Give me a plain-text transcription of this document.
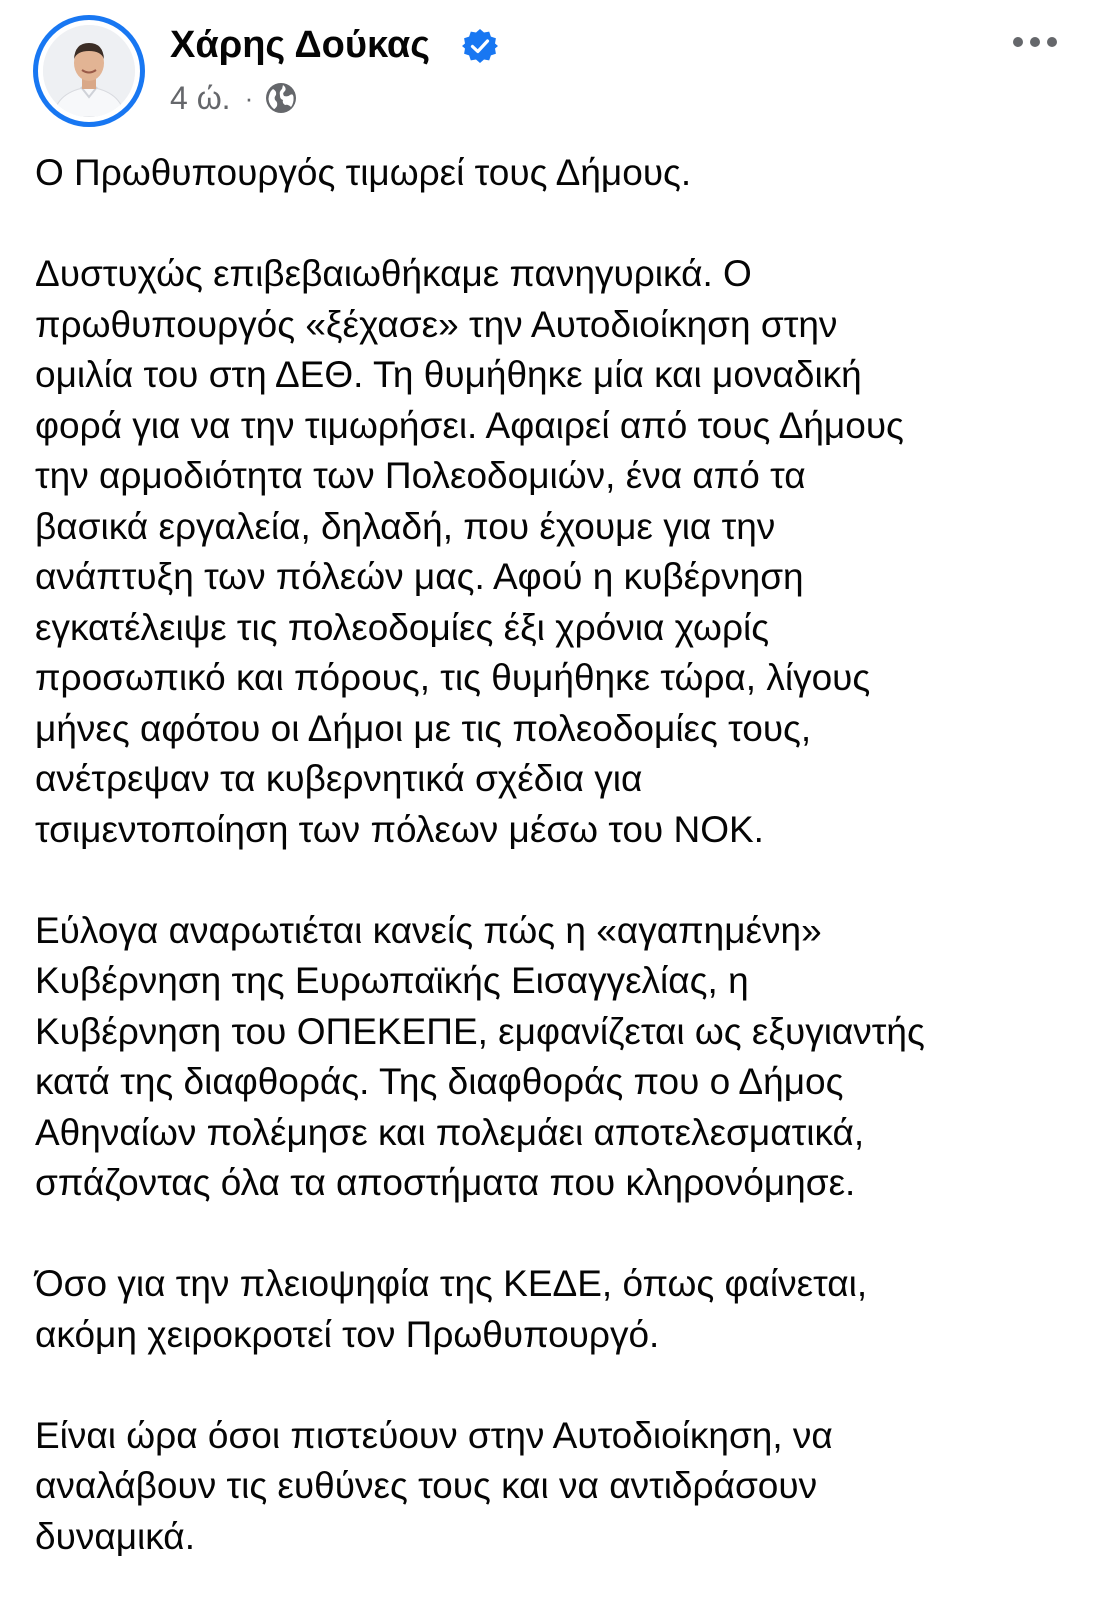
Χάρης Δούκας
4 ώ. ·

Ο Πρωθυπουργός τιμωρεί τους Δήμους.

Δυστυχώς επιβεβαιωθήκαμε πανηγυρικά. Ο
πρωθυπουργός «ξέχασε» την Αυτοδιοίκηση στην
ομιλία του στη ΔΕΘ. Τη θυμήθηκε μία και μοναδική
φορά για να την τιμωρήσει. Αφαιρεί από τους Δήμους
την αρμοδιότητα των Πολεοδομιών, ένα από τα
βασικά εργαλεία, δηλαδή, που έχουμε για την
ανάπτυξη των πόλεών μας. Αφού η κυβέρνηση
εγκατέλειψε τις πολεοδομίες έξι χρόνια χωρίς
προσωπικό και πόρους, τις θυμήθηκε τώρα, λίγους
μήνες αφότου οι Δήμοι με τις πολεοδομίες τους,
ανέτρεψαν τα κυβερνητικά σχέδια για
τσιμεντοποίηση των πόλεων μέσω του ΝΟΚ.

Εύλογα αναρωτιέται κανείς πώς η «αγαπημένη»
Κυβέρνηση της Ευρωπαϊκής Εισαγγελίας, η
Κυβέρνηση του ΟΠΕΚΕΠΕ, εμφανίζεται ως εξυγιαντής
κατά της διαφθοράς. Της διαφθοράς που ο Δήμος
Αθηναίων πολέμησε και πολεμάει αποτελεσματικά,
σπάζοντας όλα τα αποστήματα που κληρονόμησε.

Όσο για την πλειοψηφία της ΚΕΔΕ, όπως φαίνεται,
ακόμη χειροκροτεί τον Πρωθυπουργό.

Είναι ώρα όσοι πιστεύουν στην Αυτοδιοίκηση, να
αναλάβουν τις ευθύνες τους και να αντιδράσουν
δυναμικά.
